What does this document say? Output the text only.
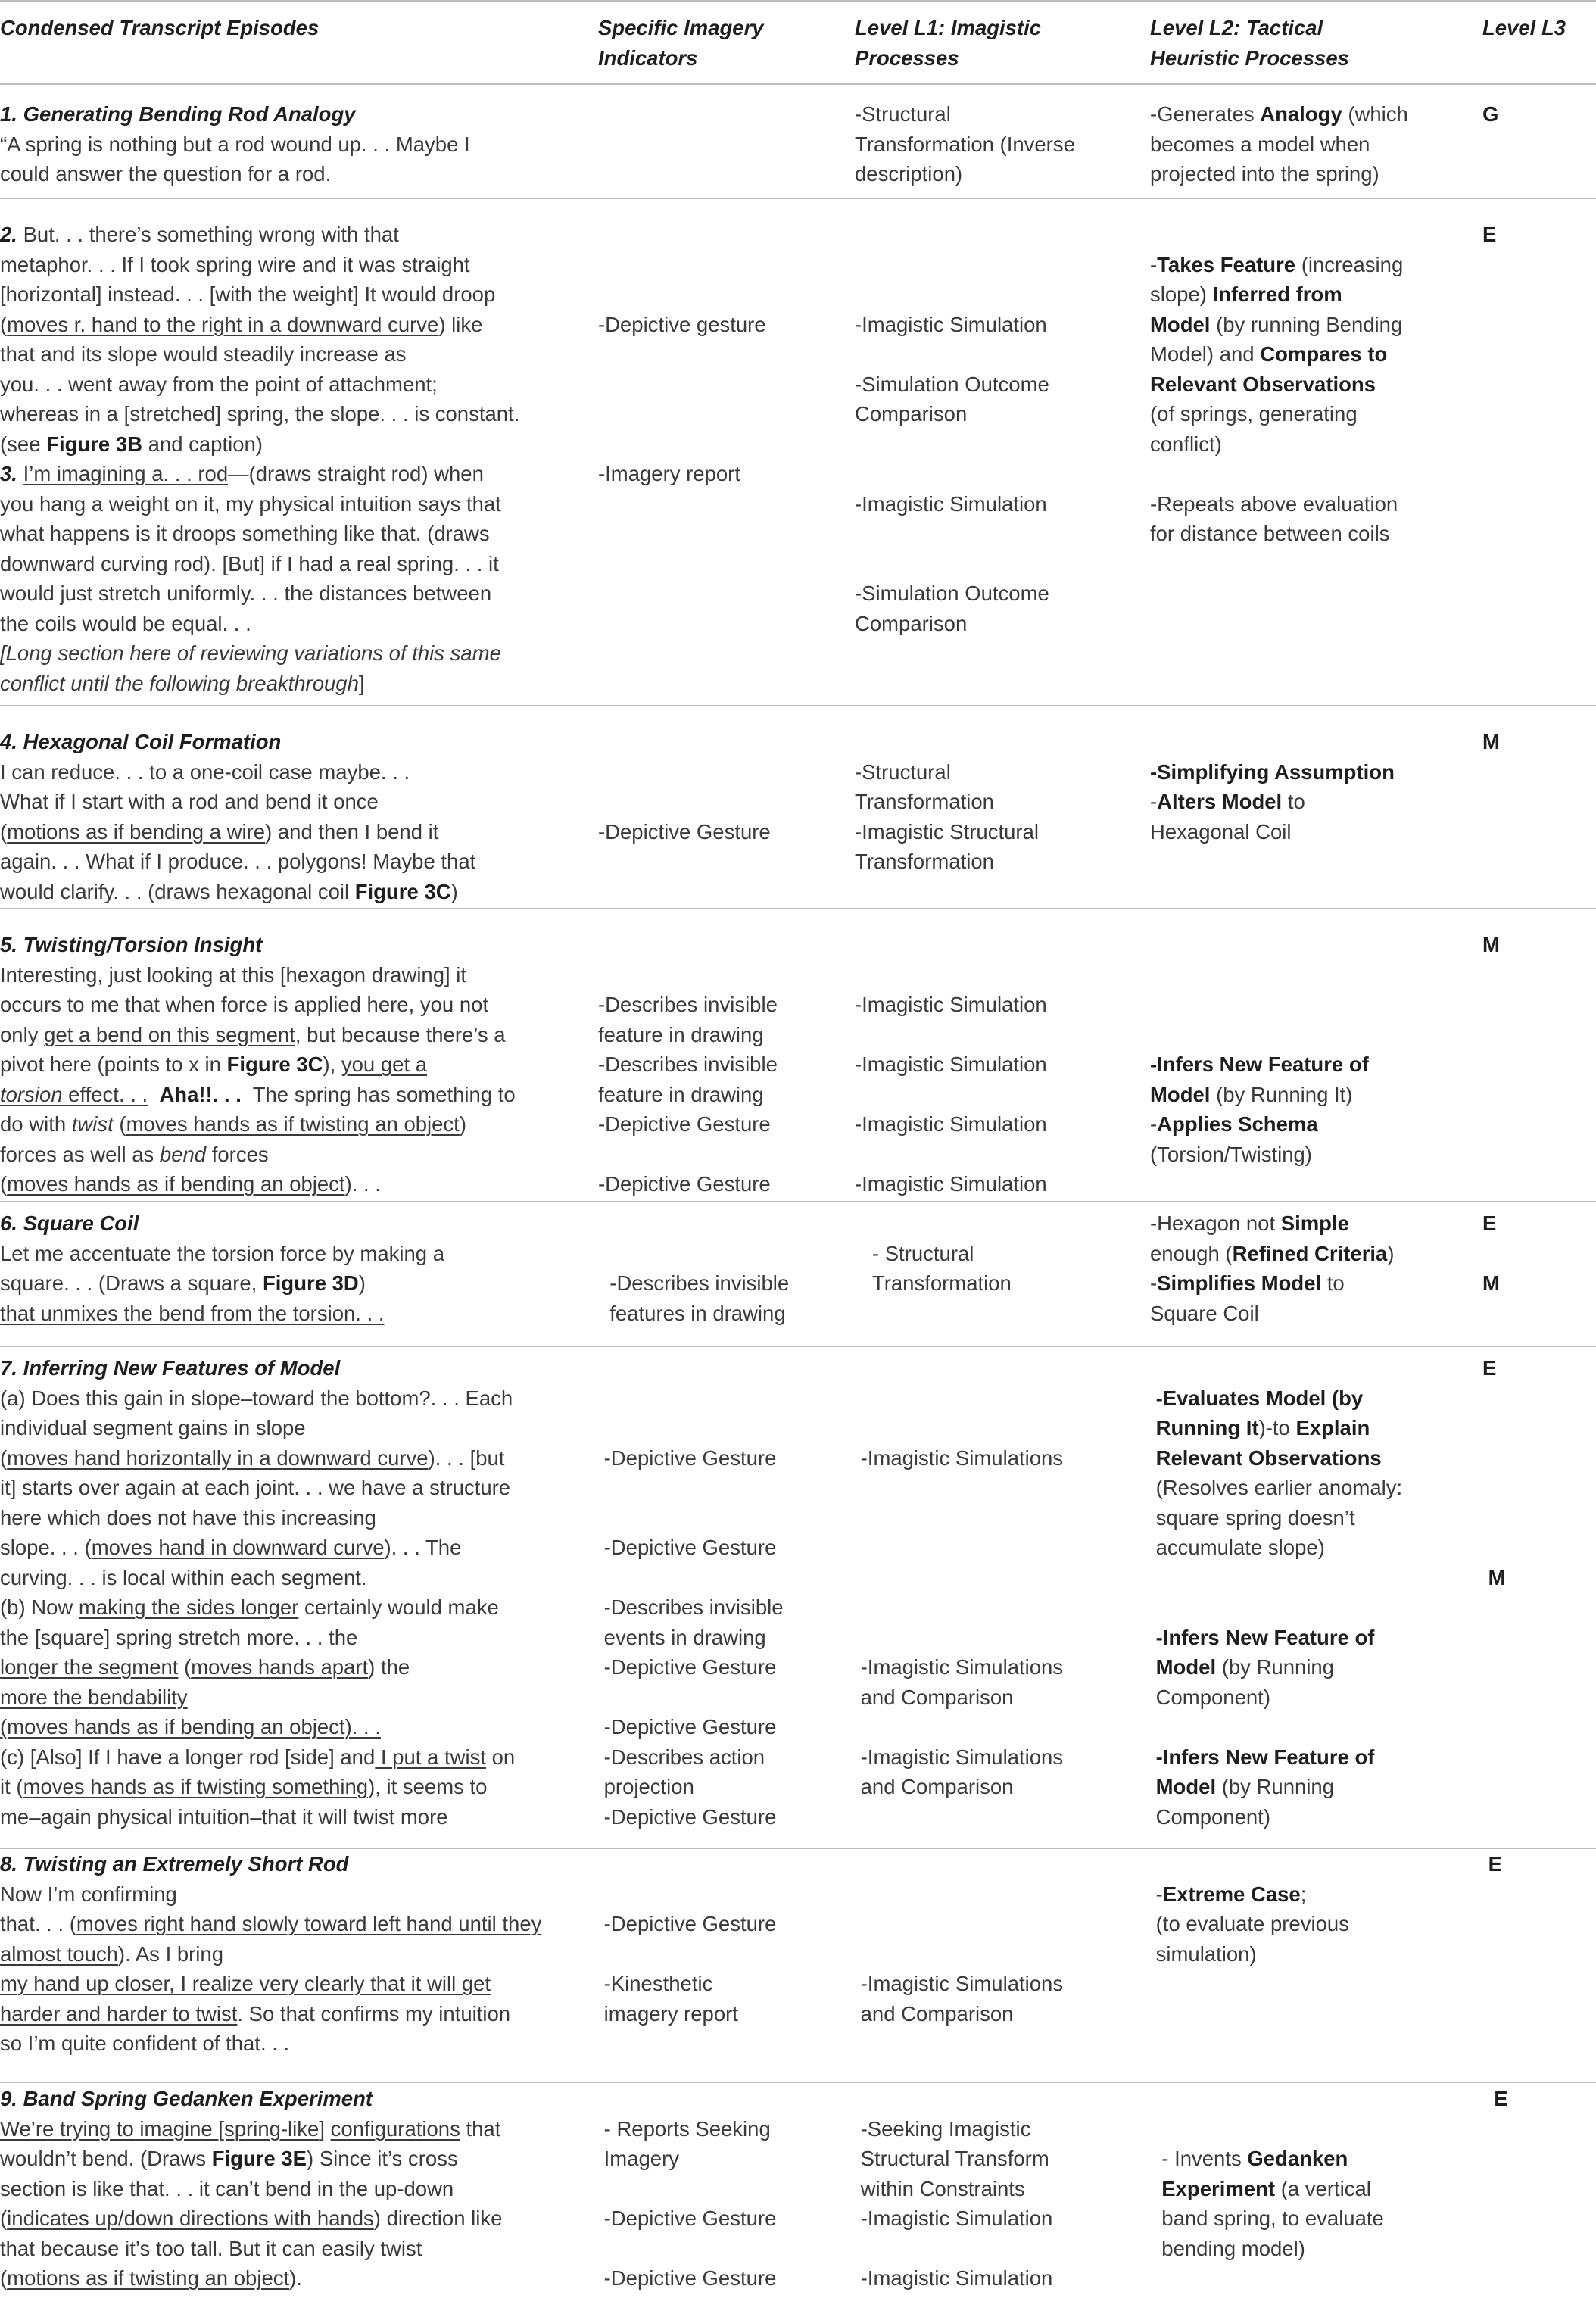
Condensed Transcript Episodes	Specific Imagery
Indicators
Level L1: Imagistic
Processes
Level L2: Tactical
Heuristic Processes
Level L3
1. Generating Bending Rod Analogy
“A spring is nothing but a rod wound up. . . Maybe I
could answer the question for a rod.
-Structural
Transformation (Inverse
description)
-Generates Analogy (which
becomes a model when
projected into the spring)
G
2. But. . . there’s something wrong with that
metaphor. . . If I took spring wire and it was straight
[horizontal] instead. . . [with the weight] It would droop
(moves r. hand to the right in a downward curve) like
that and its slope would steadily increase as
you. . . went away from the point of attachment;
whereas in a [stretched] spring, the slope. . . is constant.
(see Figure 3B and caption)
3. I’m imagining a. . . rod—(draws straight rod) when
you hang a weight on it, my physical intuition says that
what happens is it droops something like that. (draws
downward curving rod). [But] if I had a real spring. . . it
would just stretch uniformly. . . the distances between
the coils would be equal. . .
[Long section here of reviewing variations of this same
conflict until the following breakthrough]
-Depictive gesture
-Imagery report
-Imagistic Simulation
-Simulation Outcome
Comparison
-Imagistic Simulation
-Simulation Outcome
Comparison
-Takes Feature (increasing
slope) Inferred from
Model (by running Bending
Model) and Compares to
Relevant Observations
(of springs, generating
conflict)
-Repeats above evaluation
for distance between coils
E
4. Hexagonal Coil Formation
I can reduce. . . to a one-coil case maybe. . .
What if I start with a rod and bend it once
(motions as if bending a wire) and then I bend it
again. . . What if I produce. . . polygons! Maybe that
would clarify. . . (draws hexagonal coil Figure 3C)
-Depictive Gesture
-Structural
Transformation
-Imagistic Structural
Transformation
-Simplifying Assumption
-Alters Model to
Hexagonal Coil
M
5. Twisting/Torsion Insight
Interesting, just looking at this [hexagon drawing] it
occurs to me that when force is applied here, you not
only get a bend on this segment, but because there’s a
pivot here (points to x in Figure 3C), you get a
torsion effect. . . Aha!!. . .  The spring has something to
do with twist (moves hands as if twisting an object)
forces as well as bend forces
(moves hands as if bending an object). . .
-Describes invisible
feature in drawing
-Describes invisible
feature in drawing
-Depictive Gesture
-Depictive Gesture
-Imagistic Simulation
-Imagistic Simulation
-Imagistic Simulation
-Imagistic Simulation
-Infers New Feature of
Model (by Running It)
-Applies Schema
(Torsion/Twisting)
M
6. Square Coil
Let me accentuate the torsion force by making a
square. . . (Draws a square, Figure 3D)
that unmixes the bend from the torsion. . .
-Describes invisible
features in drawing
- Structural
Transformation
-Hexagon not Simple
enough (Refined Criteria)
-Simplifies Model to
Square Coil
E
M
7. Inferring New Features of Model
(a) Does this gain in slope–toward the bottom?. . . Each
individual segment gains in slope
(moves hand horizontally in a downward curve). . . [but
it] starts over again at each joint. . . we have a structure
here which does not have this increasing
slope. . . (moves hand in downward curve). . . The
curving. . . is local within each segment.
(b) Now making the sides longer certainly would make
the [square] spring stretch more. . . the
longer the segment (moves hands apart) the
more the bendability
(moves hands as if bending an object). . .
(c) [Also] If I have a longer rod [side] and I put a twist on
it (moves hands as if twisting something), it seems to
me–again physical intuition–that it will twist more
-Depictive Gesture
-Depictive Gesture
-Describes invisible
events in drawing
-Depictive Gesture
-Depictive Gesture
-Describes action
projection
-Depictive Gesture
-Imagistic Simulations
-Imagistic Simulations
and Comparison
-Imagistic Simulations
and Comparison
-Evaluates Model (by
Running It)-to Explain
Relevant Observations
(Resolves earlier anomaly:
square spring doesn’t
accumulate slope)
-Infers New Feature of
Model (by Running
Component)
-Infers New Feature of
Model (by Running
Component)
E
M
8. Twisting an Extremely Short Rod
Now I’m confirming
that. . . (moves right hand slowly toward left hand until they
almost touch). As I bring
my hand up closer, I realize very clearly that it will get
harder and harder to twist. So that confirms my intuition
so I’m quite confident of that. . .
-Depictive Gesture
-Kinesthetic
imagery report
-Imagistic Simulations
and Comparison
-Extreme Case;
(to evaluate previous
simulation)
E
9. Band Spring Gedanken Experiment
We’re trying to imagine [spring-like] configurations that
wouldn’t bend. (Draws Figure 3E) Since it’s cross
section is like that. . . it can’t bend in the up-down
(indicates up/down directions with hands) direction like
that because it’s too tall. But it can easily twist
(motions as if twisting an object).
- Reports Seeking
Imagery
-Depictive Gesture
-Depictive Gesture
-Seeking Imagistic
Structural Transform
within Constraints
-Imagistic Simulation
-Imagistic Simulation
- Invents Gedanken
Experiment (a vertical
band spring, to evaluate
bending model)
E
